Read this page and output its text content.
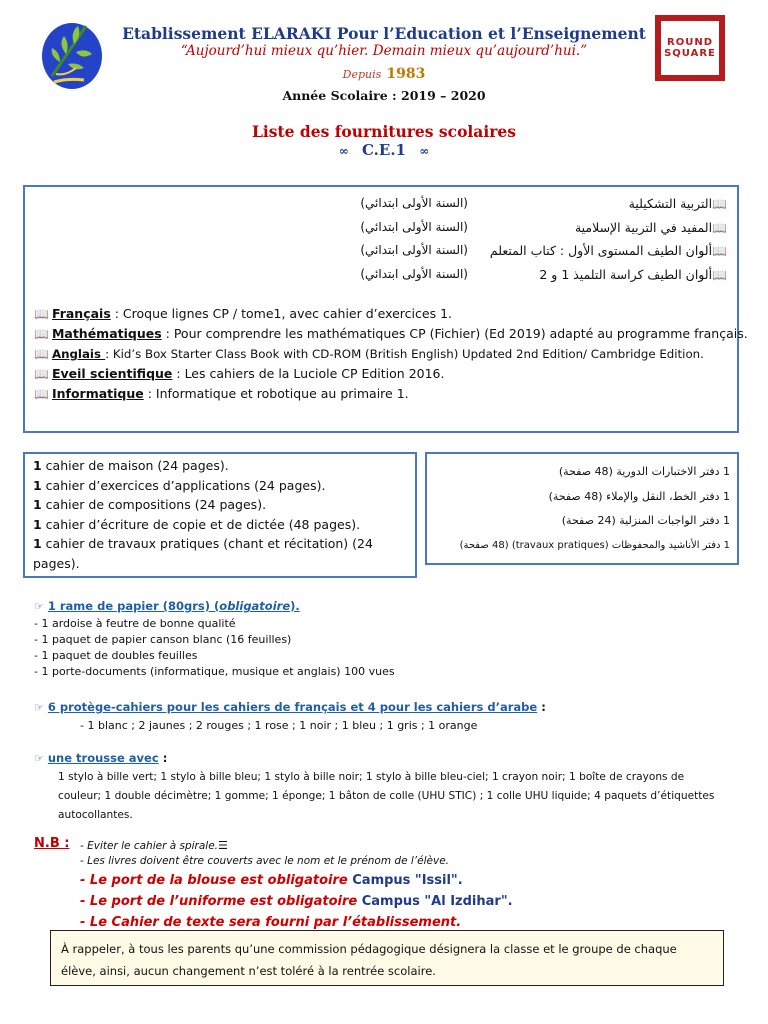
Etablissement ELARAKI Pour l’Education et l’Enseignement
“Aujourd’hui mieux qu’hier. Demain mieux qu’aujourd’hui.”
Depuis 1983
Année Scolaire : 2019 – 2020
ROUND
SQUARE
Liste des fournitures scolaires
∞ C.E.1 ∞
📖التربية التشكيلية
(السنة الأولى ابتدائي)
📖المفيد في التربية الإسلامية
(السنة الأولى ابتدائي)
📖ألوان الطيف المستوى الأول : كتاب المتعلم
(السنة الأولى ابتدائي)
📖ألوان الطيف كراسة التلميذ 1 و 2
(السنة الأولى ابتدائي)
📖 Français : Croque lignes CP / tome1, avec cahier d’exercices 1.
📖 Mathématiques : Pour comprendre les mathématiques CP (Fichier) (Ed 2019) adapté au programme français.
📖 Anglais : Kid’s Box Starter Class Book with CD-ROM (British English) Updated 2nd Edition/ Cambridge Edition.
📖 Eveil scientifique : Les cahiers de la Luciole CP Edition 2016.
📖 Informatique : Informatique et robotique au primaire 1.
1 cahier de maison (24 pages).
1 cahier d’exercices d’applications (24 pages).
1 cahier de compositions (24 pages).
1 cahier d’écriture de copie et de dictée (48 pages).
1 cahier de travaux pratiques (chant et récitation) (24 pages).
1 دفتر الاختبارات الدورية (48 صفحة)
1 دفتر الخط، النقل والإملاء (48 صفحة)
1 دفتر الواجبات المنزلية (24 صفحة)
1 دفتر الأناشيد والمحفوظات (travaux pratiques) (48 صفحة)
☞ 1 rame de papier (80grs) (obligatoire).
- 1 ardoise à feutre de bonne qualité
- 1 paquet de papier canson blanc (16 feuilles)
- 1 paquet de doubles feuilles
- 1 porte-documents (informatique, musique et anglais) 100 vues
☞ 6 protège-cahiers pour les cahiers de français et 4 pour les cahiers d’arabe :
- 1 blanc ; 2 jaunes ; 2 rouges ; 1 rose ; 1 noir ; 1 bleu ; 1 gris ; 1 orange
☞ une trousse avec :
1 stylo à bille vert; 1 stylo à bille bleu; 1 stylo à bille noir; 1 stylo à bille bleu-ciel; 1 crayon noir; 1 boîte de crayons de
couleur; 1 double décimètre; 1 gomme; 1 éponge; 1 bâton de colle (UHU STIC) ; 1 colle UHU liquide; 4 paquets d’étiquettes
autocollantes.
N.B : - Eviter le cahier à spirale.☰
- Les livres doivent être couverts avec le nom et le prénom de l’élève.
- Le port de la blouse est obligatoire Campus "Issil".
- Le port de l’uniforme est obligatoire Campus "Al Izdihar".
- Le Cahier de texte sera fourni par l’établissement.
À rappeler, à tous les parents qu’une commission pédagogique désignera la classe et le groupe de chaque
élève, ainsi, aucun changement n’est toléré à la rentrée scolaire.
